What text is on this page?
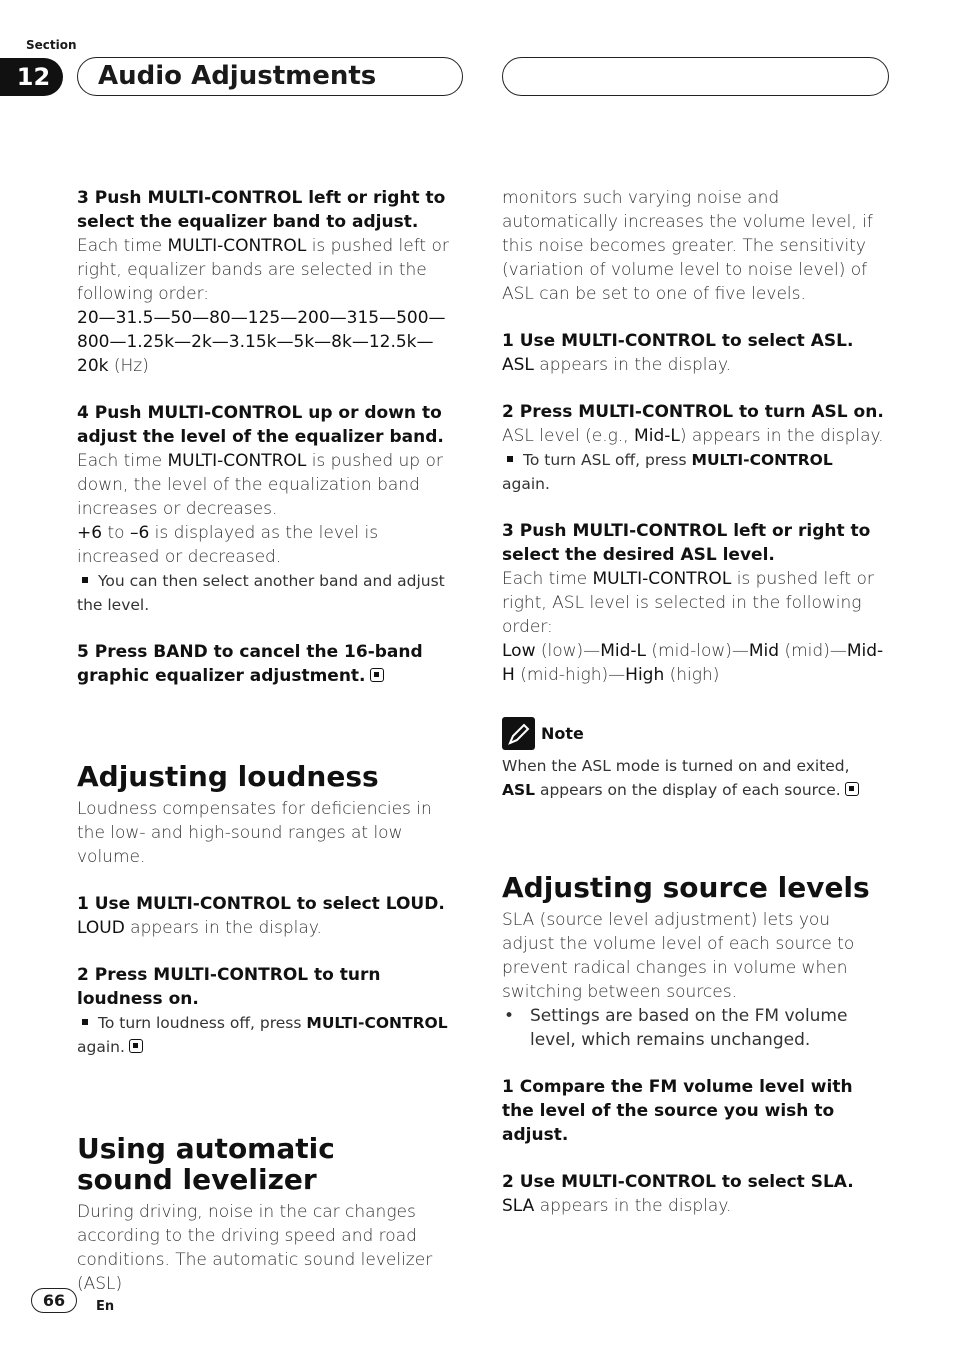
Section
12	Audio Adjustments

3 Push MULTI-CONTROL left or right to select the equalizer band to adjust.

Each time MULTI-CONTROL is pushed left or right, equalizer bands are selected in the following order:

20—31.5—50—80—125—200—315—500—800—1.25k—2k—3.15k—5k—8k—12.5k—20k (Hz)

4 Push MULTI-CONTROL up or down to adjust the level of the equalizer band.

Each time MULTI-CONTROL is pushed up or down, the level of the equalization band increases or decreases.

+6 to –6 is displayed as the level is increased or decreased.

You can then select another band and adjust the level.

5 Press BAND to cancel the 16-band graphic equalizer adjustment.

Adjusting loudness

Loudness compensates for deficiencies in the low- and high-sound ranges at low volume.

1 Use MULTI-CONTROL to select LOUD.

LOUD appears in the display.

2 Press MULTI-CONTROL to turn loudness on.

To turn loudness off, press MULTI-CONTROL
again.

Using automatic sound levelizer

During driving, noise in the car changes according to the driving speed and road conditions. The automatic sound levelizer (ASL)

monitors such varying noise and automatically increases the volume level, if this noise becomes greater. The sensitivity (variation of volume level to noise level) of ASL can be set to one of five levels.

1 Use MULTI-CONTROL to select ASL.

ASL appears in the display.

2 Press MULTI-CONTROL to turn ASL on.

ASL level (e.g., Mid-L) appears in the display.

To turn ASL off, press MULTI-CONTROL
again.

3 Push MULTI-CONTROL left or right to select the desired ASL level.

Each time MULTI-CONTROL is pushed left or right, ASL level is selected in the following order:

Low (low)—Mid-L (mid-low)—Mid (mid)—Mid-H (mid-high)—High (high)

Note

When the ASL mode is turned on and exited, ASL appears on the display of each source.

Adjusting source levels

SLA (source level adjustment) lets you adjust the volume level of each source to prevent radical changes in volume when switching between sources.

• Settings are based on the FM volume level, which remains unchanged.

1 Compare the FM volume level with the level of the source you wish to adjust.

2 Use MULTI-CONTROL to select SLA.

SLA appears in the display.

66	En
